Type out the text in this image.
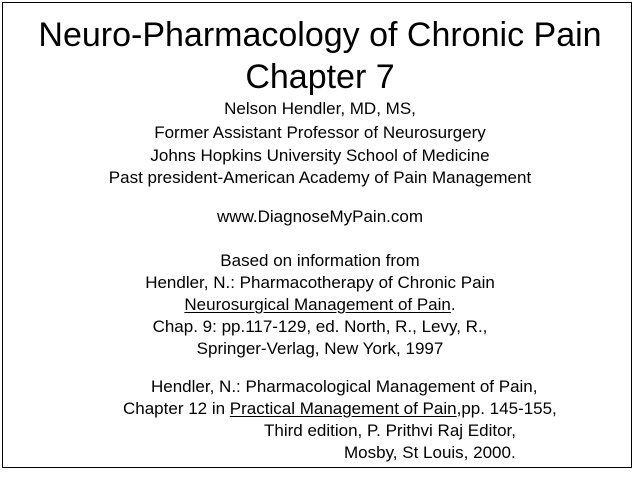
Neuro-Pharmacology of Chronic Pain
Chapter 7
Nelson Hendler, MD, MS,
Former Assistant Professor of Neurosurgery
Johns Hopkins University School of Medicine
Past president-American Academy of Pain Management
www.DiagnoseMyPain.com
Based on information from
Hendler, N.: Pharmacotherapy of Chronic Pain
Neurosurgical Management of Pain.
Chap. 9: pp.117-129, ed. North, R., Levy, R.,
Springer-Verlag, New York, 1997
Hendler, N.: Pharmacological Management of Pain,
Chapter 12 in Practical Management of Pain,pp. 145-155,
Third edition, P. Prithvi Raj Editor,
Mosby, St Louis, 2000.
